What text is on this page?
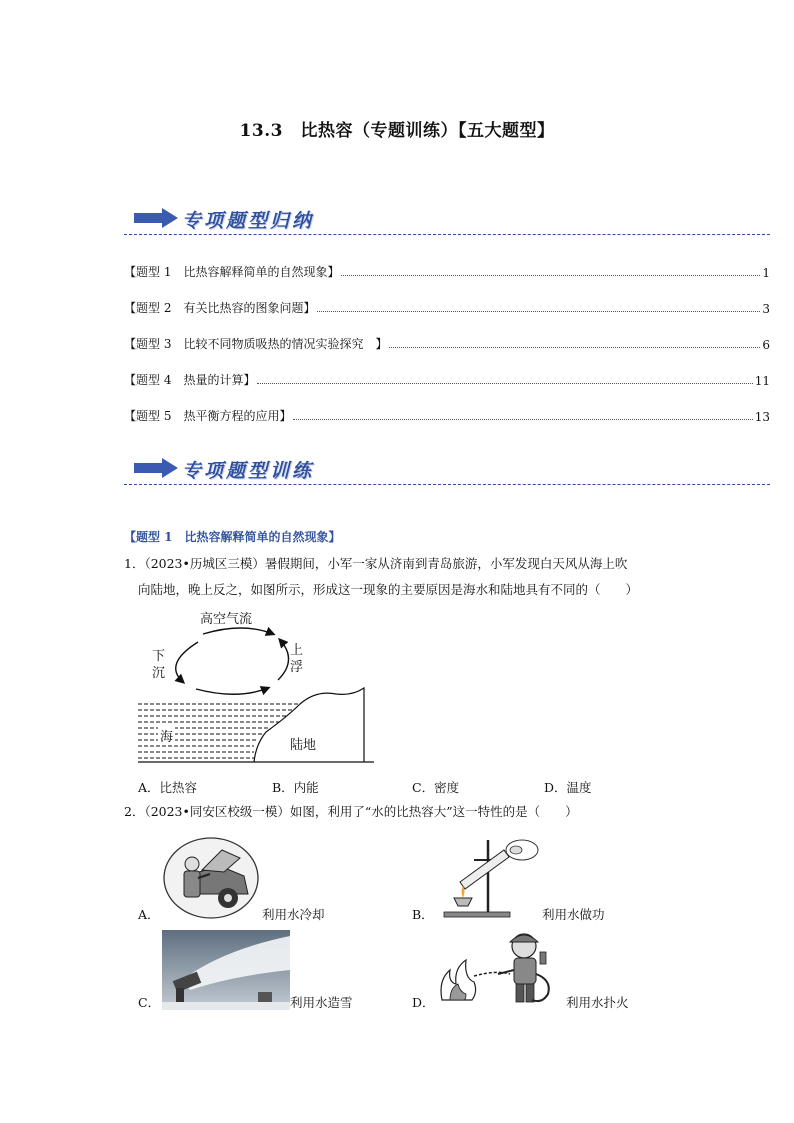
13.3　比热容（专题训练）【五大题型】
专项题型归纳
【题型 1　比热容解释简单的自然现象】	1
【题型 2　有关比热容的图象问题】	3
【题型 3　比较不同物质吸热的情况实验探究　】	6
【题型 4　热量的计算】	11
【题型 5　热平衡方程的应用】	13
专项题型训练
【题型 1　比热容解释简单的自然现象】
1．（2023•历城区三模）暑假期间，小军一家从济南到青岛旅游，小军发现白天风从海上吹
向陆地，晚上反之，如图所示，形成这一现象的主要原因是海水和陆地具有不同的（　　）
高空气流
下沉
上浮
海
陆地
A．比热容	B．内能	C．密度	D．温度
2．（2023•同安区校级一模）如图，利用了“水的比热容大”这一特性的是（　　）
A．	利用水冷却	B．	利用水做功
C．	利用水造雪	D．	利用水扑火
